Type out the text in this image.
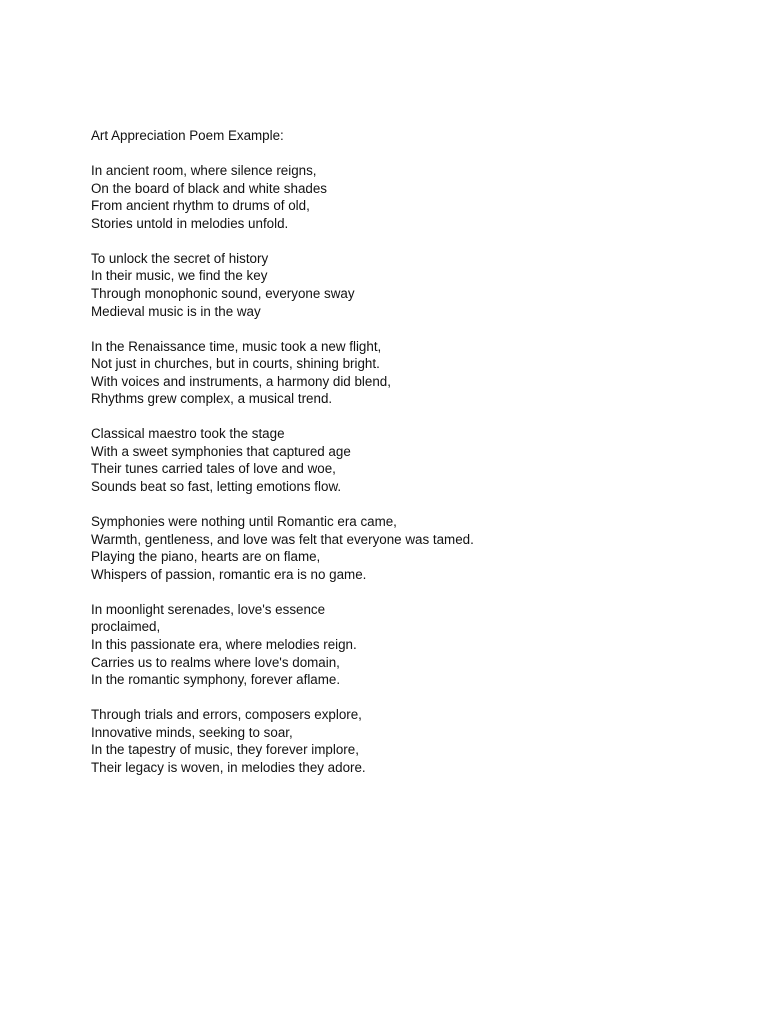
Art Appreciation Poem Example:
In ancient room, where silence reigns,
On the board of black and white shades
From ancient rhythm to drums of old,
Stories untold in melodies unfold.
To unlock the secret of history
In their music, we find the key
Through monophonic sound, everyone sway
Medieval music is in the way
In the Renaissance time, music took a new flight,
Not just in churches, but in courts, shining bright.
With voices and instruments, a harmony did blend,
Rhythms grew complex, a musical trend.
Classical maestro took the stage
With a sweet symphonies that captured age
Their tunes carried tales of love and woe,
Sounds beat so fast, letting emotions flow.
Symphonies were nothing until Romantic era came,
Warmth, gentleness, and love was felt that everyone was tamed.
Playing the piano, hearts are on flame,
Whispers of passion, romantic era is no game.
In moonlight serenades, love's essence
proclaimed,
In this passionate era, where melodies reign.
Carries us to realms where love's domain,
In the romantic symphony, forever aflame.
Through trials and errors, composers explore,
Innovative minds, seeking to soar,
In the tapestry of music, they forever implore,
Their legacy is woven, in melodies they adore.
